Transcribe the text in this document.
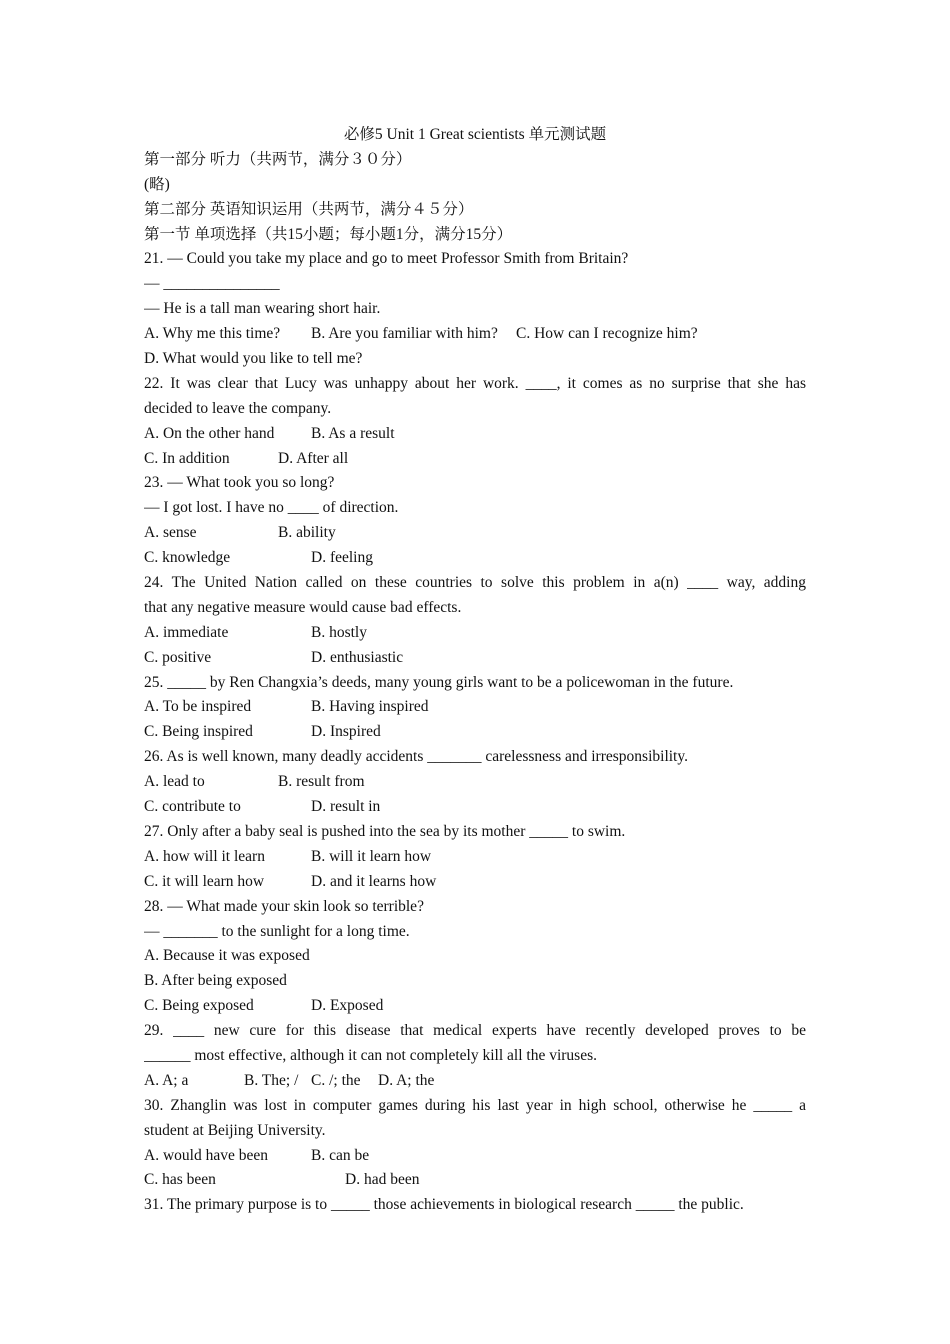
必修5 Unit 1 Great scientists 单元测试题
第一部分 听力（共两节，满分３０分）
(略)
第二部分 英语知识运用（共两节，满分４５分）
第一节 单项选择（共15小题；每小题1分，满分15分）
21. — Could you take my place and go to meet Professor Smith from Britain?
— _______________
— He is a tall man wearing short hair.
A. Why me this time? B. Are you familiar with him? C. How can I recognize him?
D. What would you like to tell me?
22. It was clear that Lucy was unhappy about her work. ____, it comes as no surprise that she has
decided to leave the company.
A. On the other hand B. As a result
C. In addition	D. After all
23. — What took you so long?
— I got lost. I have no ____ of direction.
A. sense	B. ability
C. knowledge	D. feeling
24. The United Nation called on these countries to solve this problem in a(n) ____ way, adding
that any negative measure would cause bad effects.
A. immediate	B. hostly
C. positive	D. enthusiastic
25. _____ by Ren Changxia’s deeds, many young girls want to be a policewoman in the future.
A. To be inspired	B. Having inspired
C. Being inspired	D. Inspired
26. As is well known, many deadly accidents _______ carelessness and irresponsibility.
A. lead to	B. result from
C. contribute to	D. result in
27. Only after a baby seal is pushed into the sea by its mother _____ to swim.
A. how will it learn	B. will it learn how
C. it will learn how	D. and it learns how
28. — What made your skin look so terrible?
— _______ to the sunlight for a long time.
A. Because it was exposed
B. After being exposed
C. Being exposed	D. Exposed
29. ____ new cure for this disease that medical experts have recently developed proves to be
______ most effective, although it can not completely kill all the viruses.
A. A; a	B. The; / C. /; the D. A; the
30. Zhanglin was lost in computer games during his last year in high school, otherwise he _____ a
student at Beijing University.
A. would have been	B. can be
C. has been	D. had been
31. The primary purpose is to _____ those achievements in biological research _____ the public.
